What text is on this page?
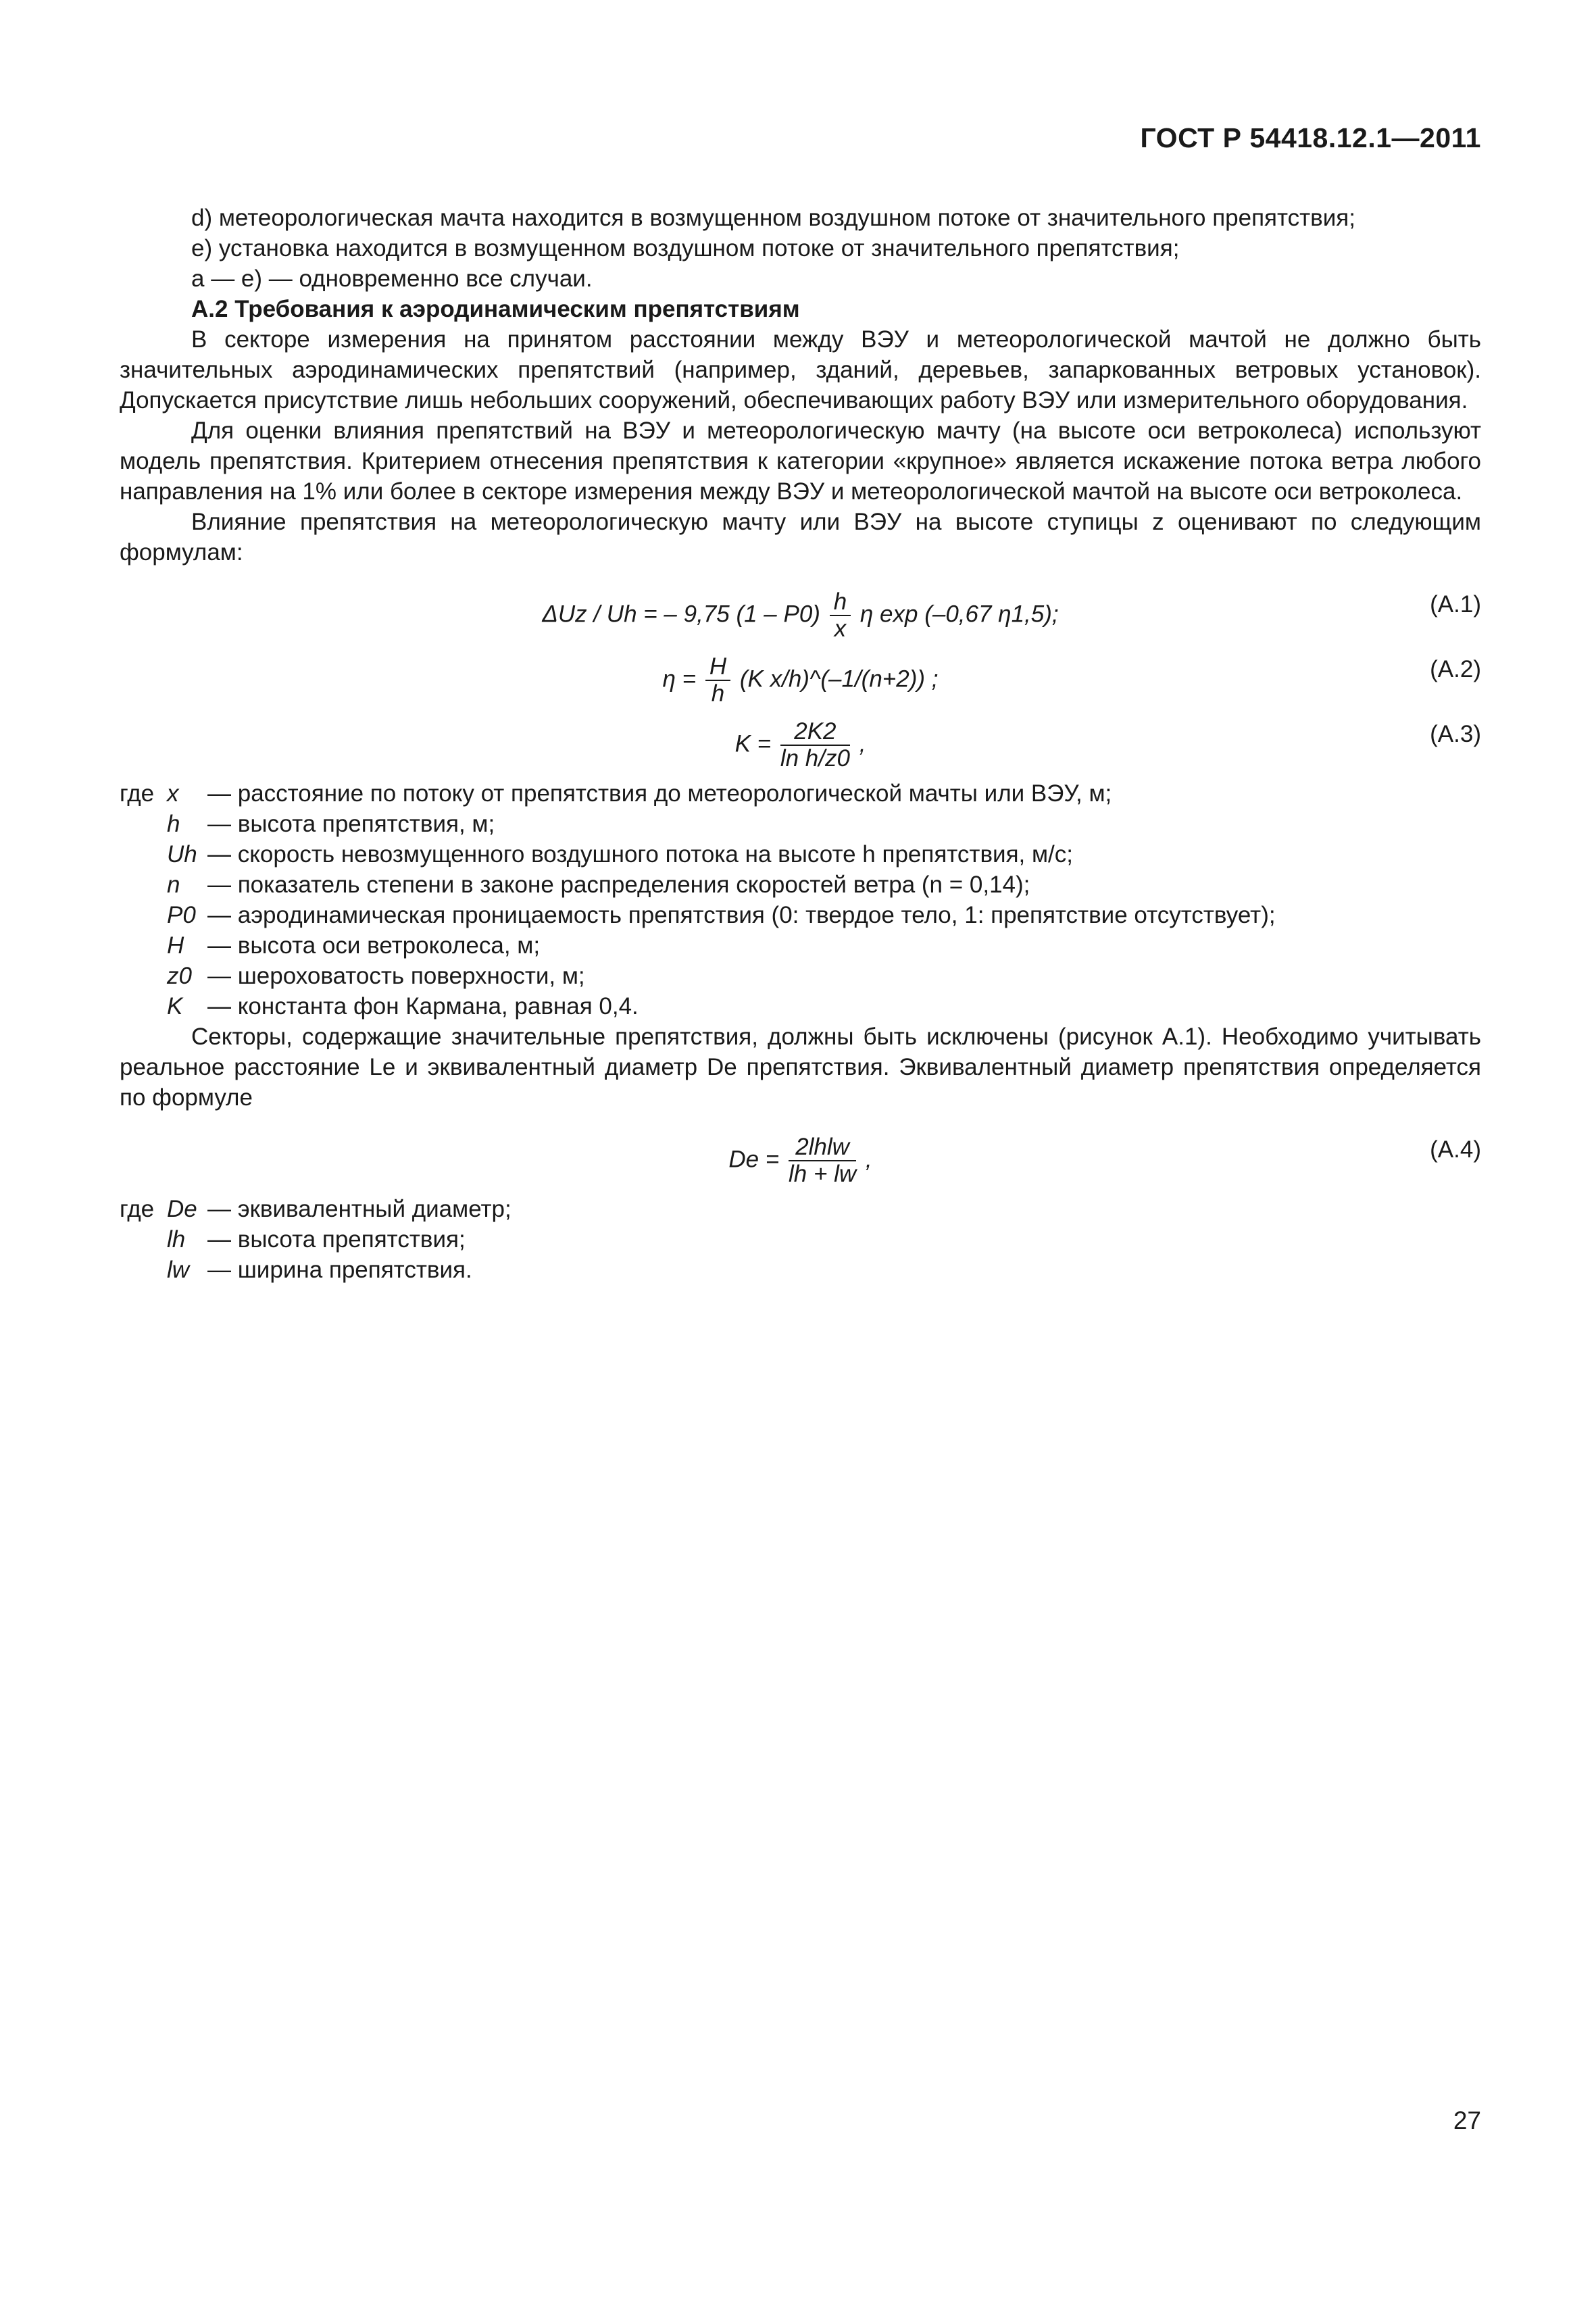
ГОСТ Р 54418.12.1—2011

d) метеорологическая мачта находится в возмущенном воздушном потоке от значительного препятствия;

e) установка находится в возмущенном воздушном потоке от значительного препятствия;

a — e) — одновременно все случаи.

А.2 Требования к аэродинамическим препятствиям

В секторе измерения на принятом расстоянии между ВЭУ и метеорологической мачтой не должно быть значительных аэродинамических препятствий (например, зданий, деревьев, запаркованных ветровых установок). Допускается присутствие лишь небольших сооружений, обеспечивающих работу ВЭУ или измерительного оборудования.

Для оценки влияния препятствий на ВЭУ и метеорологическую мачту (на высоте оси ветроколеса) используют модель препятствия. Критерием отнесения препятствия к категории «крупное» является искажение потока ветра любого направления на 1% или более в секторе измерения между ВЭУ и метеорологической мачтой на высоте оси ветроколеса.

Влияние препятствия на метеорологическую мачту или ВЭУ на высоте ступицы z оценивают по следующим формулам:

ΔUz / Uh = – 9,75 $(1 - P0) \frac{h}{x}$ η exp (–0,67 η1,5);	(А.1)
$\eta = \frac{H}{h} (K$ x/h)^(–1/(n+2)) ;	(А.2)
$K = \frac{2K2}{\text{ln h/z0}}$ ,	(А.3)
где x	— расстояние по потоку от препятствия до метеорологической мачты или ВЭУ, м;
h	— высота препятствия, м;
Uh — скорость невозмущенного воздушного потока на высоте h препятствия, м/с;
n	— показатель степени в законе распределения скоростей ветра (n = 0,14);
P0 — аэродинамическая проницаемость препятствия (0: твердое тело, 1: препятствие отсутствует);
H — высота оси ветроколеса, м;
z0 — шероховатость поверхности, м;
K	— константа фон Кармана, равная 0,4.

Секторы, содержащие значительные препятствия, должны быть исключены (рисунок А.1). Необходимо учитывать реальное расстояние Le и эквивалентный диаметр De препятствия. Эквивалентный диаметр препятствия определяется по формуле

$De = \frac{\text{2lhlw}}{lh + lw}$ ,	(А.4)
где De — эквивалентный диаметр;
lh — высота препятствия;
lw — ширина препятствия.
27
